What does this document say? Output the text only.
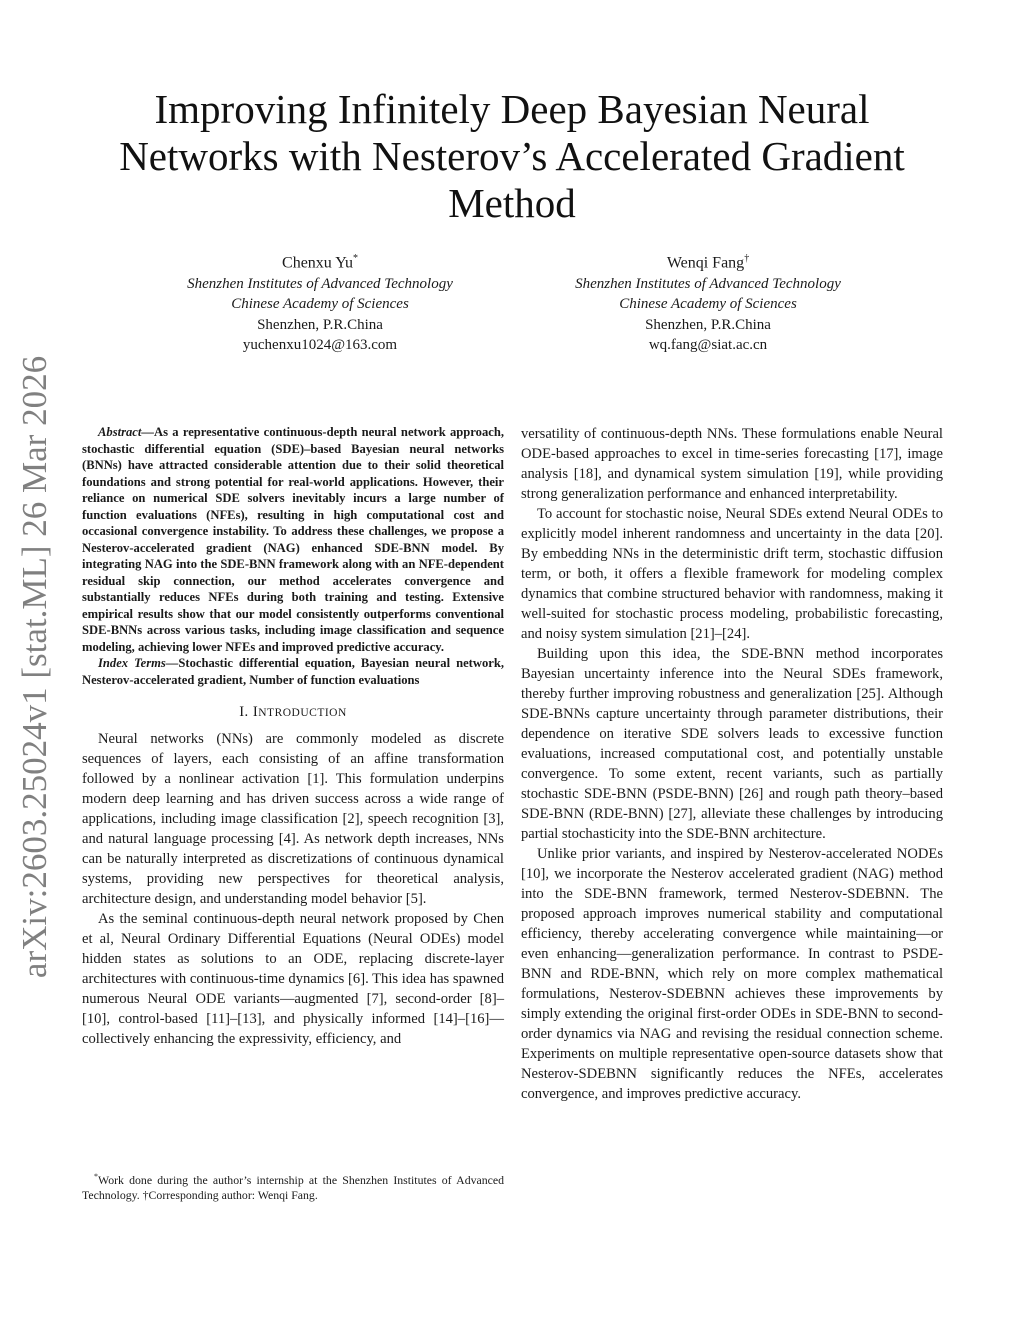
arXiv:2603.25024v1 [stat.ML] 26 Mar 2026
Improving Infinitely Deep Bayesian Neural Networks with Nesterov’s Accelerated Gradient Method
Chenxu Yu*
Shenzhen Institutes of Advanced Technology
Chinese Academy of Sciences
Shenzhen, P.R.China
yuchenxu1024@163.com
Wenqi Fang†
Shenzhen Institutes of Advanced Technology
Chinese Academy of Sciences
Shenzhen, P.R.China
wq.fang@siat.ac.cn
Abstract—As a representative continuous-depth neural network approach, stochastic differential equation (SDE)–based Bayesian neural networks (BNNs) have attracted considerable attention due to their solid theoretical foundations and strong potential for real-world applications. However, their reliance on numerical SDE solvers inevitably incurs a large number of function evaluations (NFEs), resulting in high computational cost and occasional convergence instability. To address these challenges, we propose a Nesterov-accelerated gradient (NAG) enhanced SDE-BNN model. By integrating NAG into the SDE-BNN framework along with an NFE-dependent residual skip connection, our method accelerates convergence and substantially reduces NFEs during both training and testing. Extensive empirical results show that our model consistently outperforms conventional SDE-BNNs across various tasks, including image classification and sequence modeling, achieving lower NFEs and improved predictive accuracy.
Index Terms—Stochastic differential equation, Bayesian neural network, Nesterov-accelerated gradient, Number of function evaluations
I. INTRODUCTION

Neural networks (NNs) are commonly modeled as discrete sequences of layers, each consisting of an affine transformation followed by a nonlinear activation [1]. This formulation underpins modern deep learning and has driven success across a wide range of applications, including image classification [2], speech recognition [3], and natural language processing [4]. As network depth increases, NNs can be naturally interpreted as discretizations of continuous dynamical systems, providing new perspectives for theoretical analysis, architecture design, and understanding model behavior [5].

As the seminal continuous-depth neural network proposed by Chen et al, Neural Ordinary Differential Equations (Neural ODEs) model hidden states as solutions to an ODE, replacing discrete-layer architectures with continuous-time dynamics [6]. This idea has spawned numerous Neural ODE variants—augmented [7], second-order [8]–[10], control-based [11]–[13], and physically informed [14]–[16]—collectively enhancing the expressivity, efficiency, and

*Work done during the author’s internship at the Shenzhen Institutes of Advanced Technology. †Corresponding author: Wenqi Fang.

versatility of continuous-depth NNs. These formulations enable Neural ODE-based approaches to excel in time-series forecasting [17], image analysis [18], and dynamical system simulation [19], while providing strong generalization performance and enhanced interpretability.

To account for stochastic noise, Neural SDEs extend Neural ODEs to explicitly model inherent randomness and uncertainty in the data [20]. By embedding NNs in the deterministic drift term, stochastic diffusion term, or both, it offers a flexible framework for modeling complex dynamics that combine structured behavior with randomness, making it well-suited for stochastic process modeling, probabilistic forecasting, and noisy system simulation [21]–[24].

Building upon this idea, the SDE-BNN method incorporates Bayesian uncertainty inference into the Neural SDEs framework, thereby further improving robustness and generalization [25]. Although SDE-BNNs capture uncertainty through parameter distributions, their dependence on iterative SDE solvers leads to excessive function evaluations, increased computational cost, and potentially unstable convergence. To some extent, recent variants, such as partially stochastic SDE-BNN (PSDE-BNN) [26] and rough path theory–based SDE-BNN (RDE-BNN) [27], alleviate these challenges by introducing partial stochasticity into the SDE-BNN architecture.

Unlike prior variants, and inspired by Nesterov-accelerated NODEs [10], we incorporate the Nesterov accelerated gradient (NAG) method into the SDE-BNN framework, termed Nesterov-SDEBNN. The proposed approach improves numerical stability and computational efficiency, thereby accelerating convergence while maintaining—or even enhancing—generalization performance. In contrast to PSDE-BNN and RDE-BNN, which rely on more complex mathematical formulations, Nesterov-SDEBNN achieves these improvements by simply extending the original first-order ODEs in SDE-BNN to second-order dynamics via NAG and revising the residual connection scheme. Experiments on multiple representative open-source datasets show that Nesterov-SDEBNN significantly reduces the NFEs, accelerates convergence, and improves predictive accuracy.
